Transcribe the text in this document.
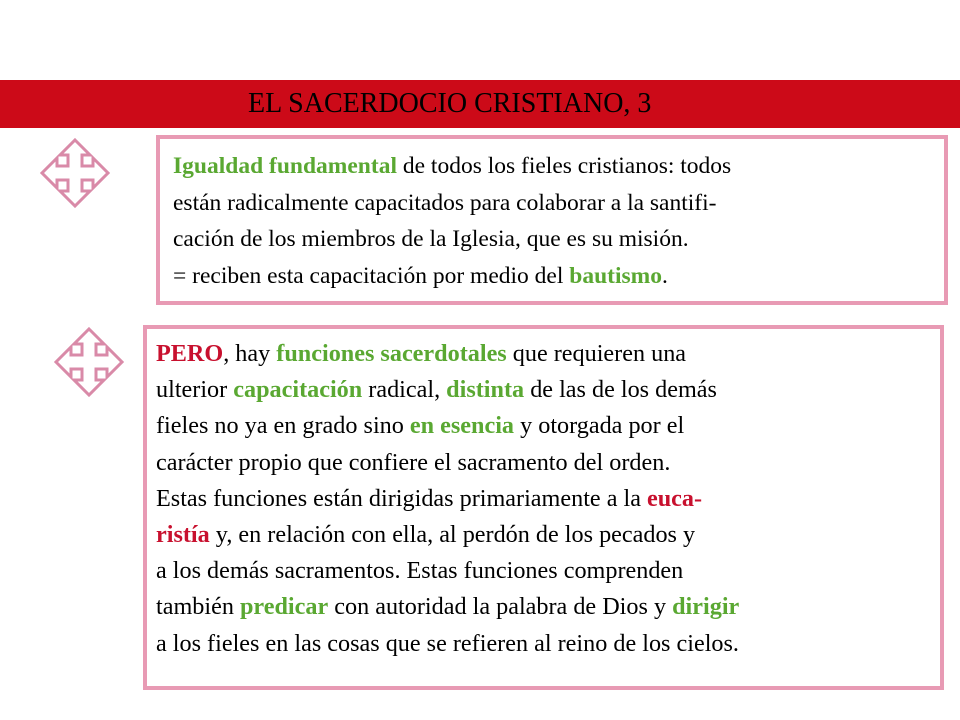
EL SACERDOCIO CRISTIANO, 3
Igualdad fundamental de todos los fieles cristianos: todos
están radicalmente capacitados para colaborar a la santifi-
cación de los miembros de la Iglesia, que es su misión.
= reciben esta capacitación por medio del bautismo.
PERO, hay funciones sacerdotales que requieren una
ulterior capacitación radical, distinta de las de los demás
fieles no ya en grado sino en esencia y otorgada por el
carácter propio que confiere el sacramento del orden.
Estas funciones están dirigidas primariamente a la euca-
ristía y, en relación con ella, al perdón de los pecados y
a los demás sacramentos. Estas funciones comprenden
también predicar con autoridad la palabra de Dios y dirigir
a los fieles en las cosas que se refieren al reino de los cielos.
